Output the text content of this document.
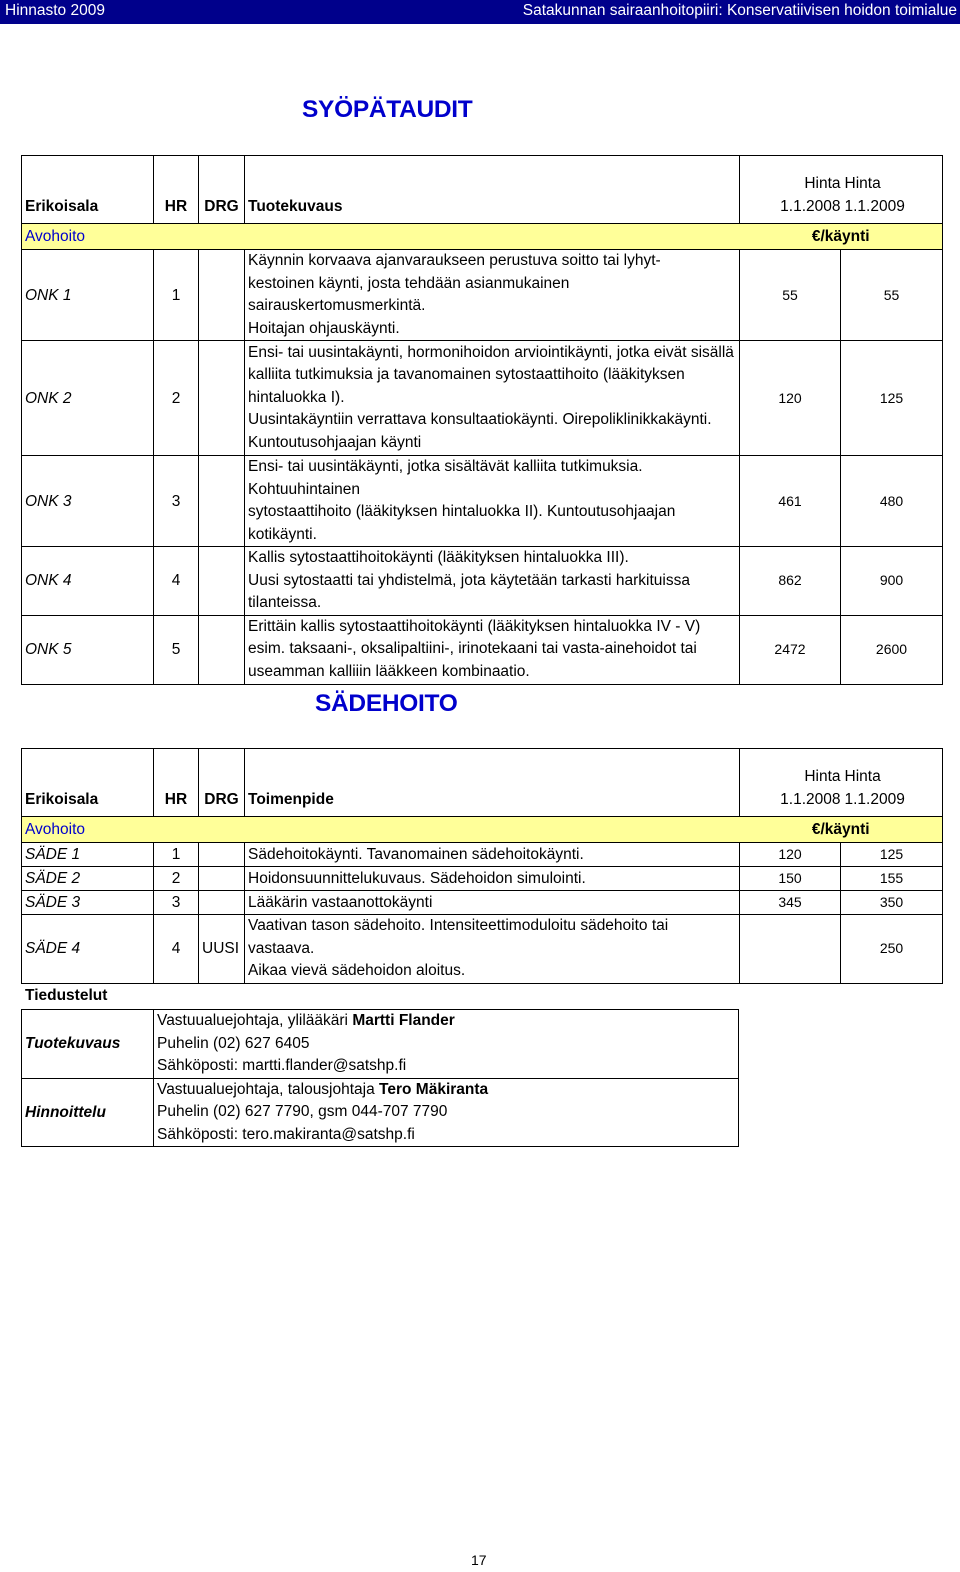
Hinnasto 2009	Satakunnan sairaanhoitopiiri: Konservatiivisen hoidon toimialue
SYÖPÄTAUDIT
Erikoisala	HR	DRG	Tuotekuvaus	Hinta 1.1.2008	Hinta 1.1.2009
Avohoito				€/käynti	
ONK 1	1		Käynnin korvaava ajanvaraukseen perustuva soitto tai lyhyt-
kestoinen käynti, josta tehdään asianmukainen sairauskertomusmerkintä.
Hoitajan ohjauskäynti.	55	55
ONK 2	2		Ensi- tai uusintakäynti, hormonihoidon arviointikäynti, jotka eivät sisällä
kalliita tutkimuksia ja tavanomainen sytostaattihoito (lääkityksen
hintaluokka I).
Uusintakäyntiin verrattava konsultaatiokäynti. Oirepoliklinikkakäynti.
Kuntoutusohjaajan käynti	120	125
ONK 3	3		Ensi- tai uusintäkäynti, jotka sisältävät kalliita tutkimuksia. Kohtuuhintainen
sytostaattihoito (lääkityksen hintaluokka II). Kuntoutusohjaajan kotikäynti.	461	480
ONK 4	4		Kallis sytostaattihoitokäynti (lääkityksen hintaluokka III).
Uusi sytostaatti tai yhdistelmä, jota käytetään tarkasti harkituissa tilanteissa.	862	900
ONK 5	5		Erittäin kallis sytostaattihoitokäynti (lääkityksen hintaluokka IV - V)
esim. taksaani-, oksalipaltiini-, irinotekaani tai vasta-ainehoidot tai
useamman kalliiin lääkkeen kombinaatio.	2472	2600
SÄDEHOITO
Erikoisala	HR	DRG	Toimenpide	Hinta 1.1.2008	Hinta 1.1.2009
Avohoito				€/käynti	
SÄDE 1	1		Sädehoitokäynti. Tavanomainen sädehoitokäynti.	120	125
SÄDE 2	2		Hoidonsuunnittelukuvaus. Sädehoidon simulointi.	150	155
SÄDE 3	3		Lääkärin vastaanottokäynti	345	350
SÄDE 4	4	UUSI	Vaativan tason sädehoito. Intensiteettimoduloitu sädehoito tai vastaava.
Aikaa vievä sädehoidon aloitus.		250
Tiedustelut
Tuotekuvaus	Vastuualuejohtaja, ylilääkäri Martti Flander
Puhelin (02) 627 6405
Sähköposti: martti.flander@satshp.fi

Hinnoittelu	Vastuualuejohtaja, talousjohtaja Tero Mäkiranta
Puhelin (02) 627 7790, gsm 044-707 7790
Sähköposti: tero.makiranta@satshp.fi
17
